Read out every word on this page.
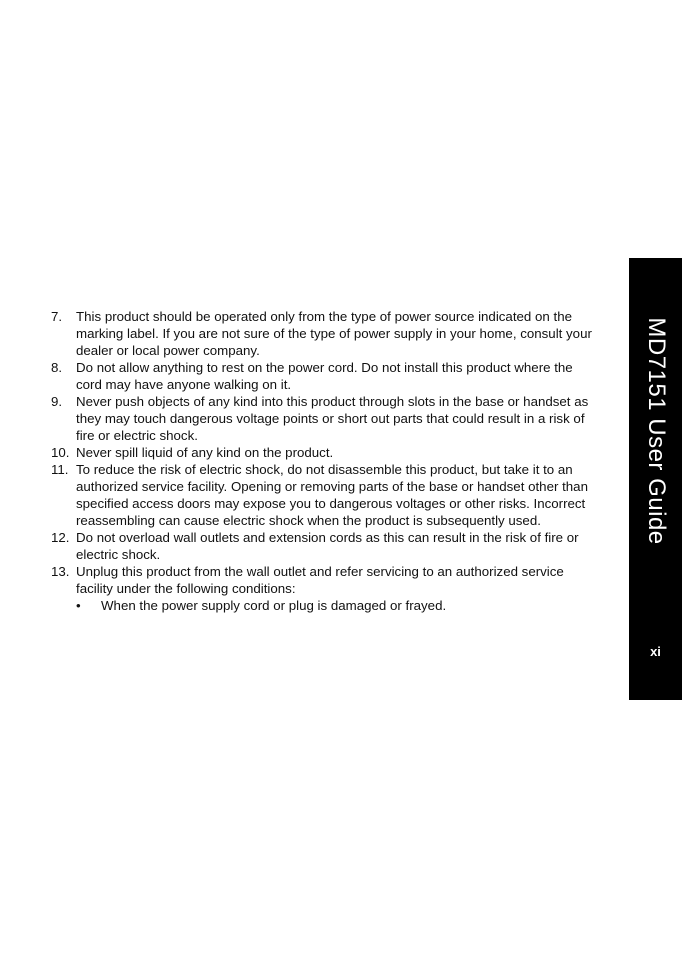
7.	This product should be operated only from the type of power source indicated on the marking label. If you are not sure of the type of power supply in your home, consult your dealer or local power company.
8.	Do not allow anything to rest on the power cord. Do not install this product where the cord may have anyone walking on it.
9.	Never push objects of any kind into this product through slots in the base or handset as they may touch dangerous voltage points or short out parts that could result in a risk of fire or electric shock.
10. Never spill liquid of any kind on the product.
11. To reduce the risk of electric shock, do not disassemble this product, but take it to an authorized service facility. Opening or removing parts of the base or handset other than specified access doors may expose you to dangerous voltages or other risks. Incorrect reassembling can cause electric shock when the product is subsequently used.
12. Do not overload wall outlets and extension cords as this can result in the risk of fire or electric shock.
13. Unplug this product from the wall outlet and refer servicing to an authorized service facility under the following conditions:
•	When the power supply cord or plug is damaged or frayed.
MD7151 User Guide
xi
